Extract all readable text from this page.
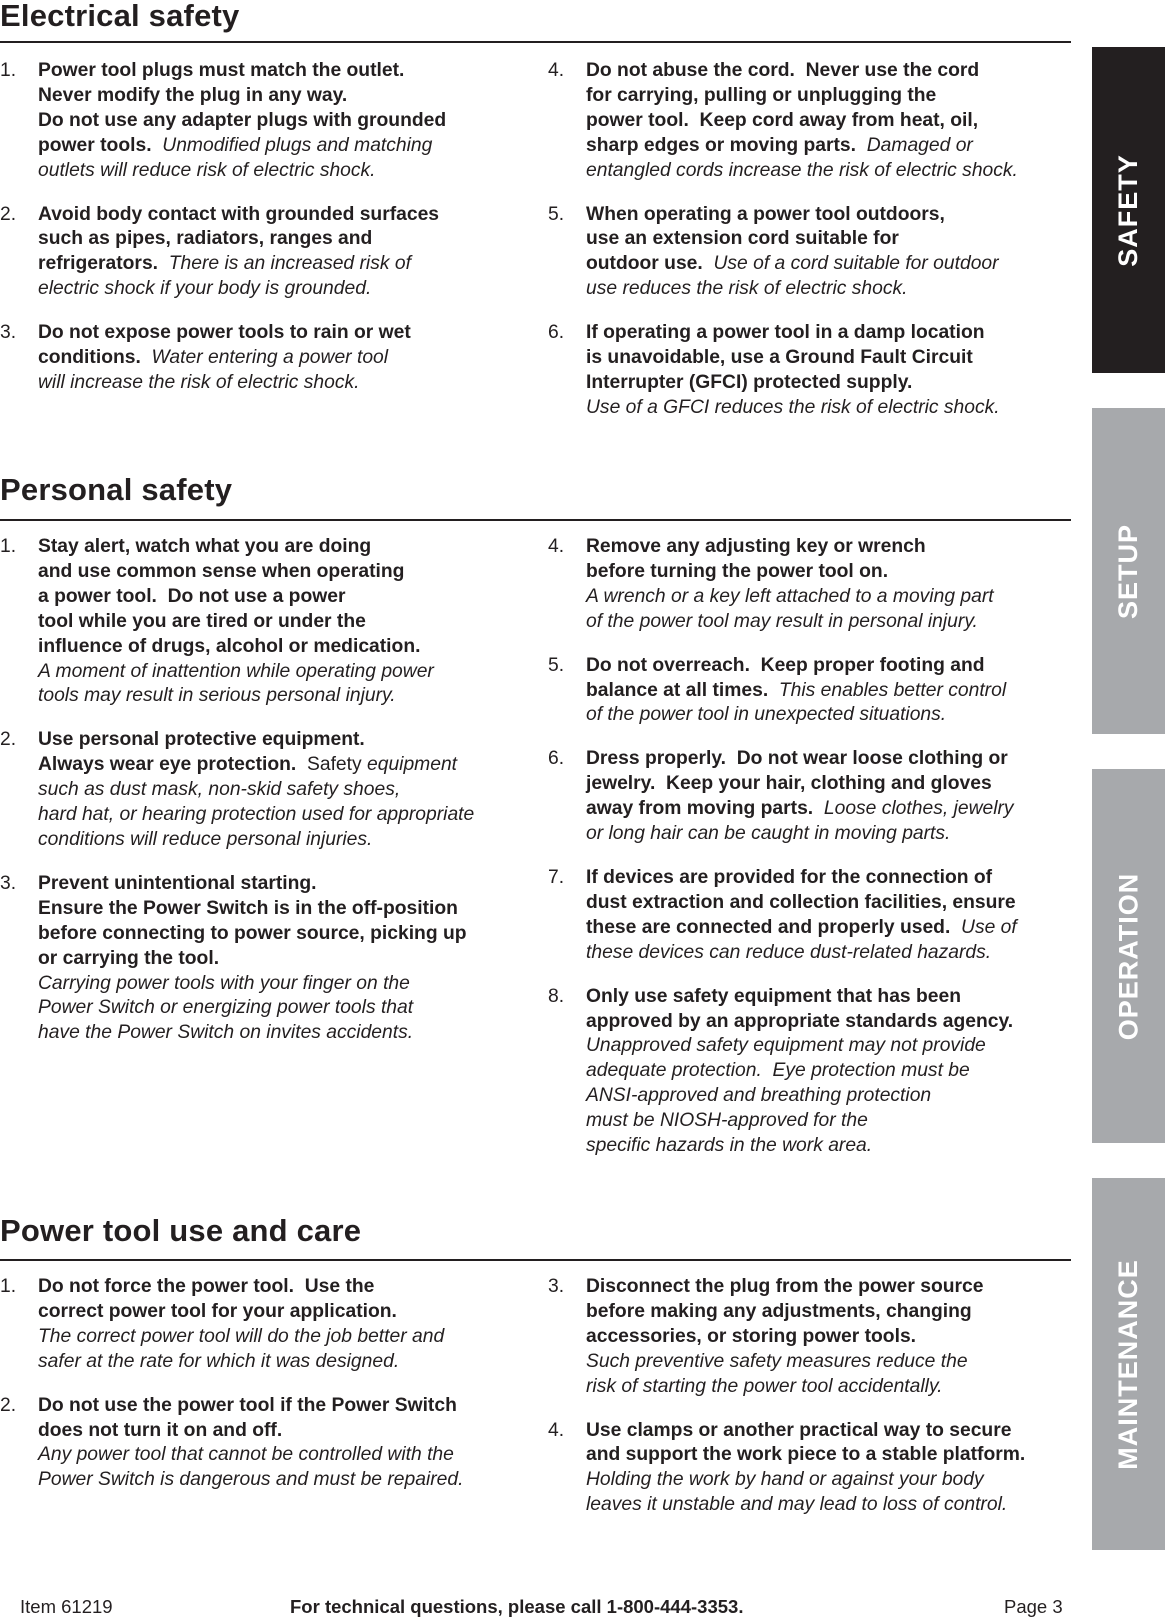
Electrical safety
1. Power tool plugs must match the outlet.
Never modify the plug in any way.
Do not use any adapter plugs with grounded
power tools.  Unmodified plugs and matching
outlets will reduce risk of electric shock.
2. Avoid body contact with grounded surfaces
such as pipes, radiators, ranges and
refrigerators.  There is an increased risk of
electric shock if your body is grounded.
3. Do not expose power tools to rain or wet
conditions.  Water entering a power tool
will increase the risk of electric shock.
4. Do not abuse the cord.  Never use the cord
for carrying, pulling or unplugging the
power tool.  Keep cord away from heat, oil,
sharp edges or moving parts.  Damaged or
entangled cords increase the risk of electric shock.
5. When operating a power tool outdoors,
use an extension cord suitable for
outdoor use.  Use of a cord suitable for outdoor
use reduces the risk of electric shock.
6. If operating a power tool in a damp location
is unavoidable, use a Ground Fault Circuit
Interrupter (GFCI) protected supply.
Use of a GFCI reduces the risk of electric shock.
Personal safety
1. Stay alert, watch what you are doing
and use common sense when operating
a power tool.  Do not use a power
tool while you are tired or under the
influence of drugs, alcohol or medication.
A moment of inattention while operating power
tools may result in serious personal injury.
2. Use personal protective equipment.
Always wear eye protection.  Safety equipment
such as dust mask, non-skid safety shoes,
hard hat, or hearing protection used for appropriate
conditions will reduce personal injuries.
3. Prevent unintentional starting.
Ensure the Power Switch is in the off-position
before connecting to power source, picking up
or carrying the tool.
Carrying power tools with your finger on the
Power Switch or energizing power tools that
have the Power Switch on invites accidents.
4. Remove any adjusting key or wrench
before turning the power tool on.
A wrench or a key left attached to a moving part
of the power tool may result in personal injury.
5. Do not overreach.  Keep proper footing and
balance at all times.  This enables better control
of the power tool in unexpected situations.
6. Dress properly.  Do not wear loose clothing or
jewelry.  Keep your hair, clothing and gloves
away from moving parts.  Loose clothes, jewelry
or long hair can be caught in moving parts.
7. If devices are provided for the connection of
dust extraction and collection facilities, ensure
these are connected and properly used.  Use of
these devices can reduce dust-related hazards.
8. Only use safety equipment that has been
approved by an appropriate standards agency.
Unapproved safety equipment may not provide
adequate protection.  Eye protection must be
ANSI-approved and breathing protection
must be NIOSH-approved for the
specific hazards in the work area.
Power tool use and care
1. Do not force the power tool.  Use the
correct power tool for your application.
The correct power tool will do the job better and
safer at the rate for which it was designed.
2. Do not use the power tool if the Power Switch
does not turn it on and off.
Any power tool that cannot be controlled with the
Power Switch is dangerous and must be repaired.
3. Disconnect the plug from the power source
before making any adjustments, changing
accessories, or storing power tools.
Such preventive safety measures reduce the
risk of starting the power tool accidentally.
4. Use clamps or another practical way to secure
and support the work piece to a stable platform.
Holding the work by hand or against your body
leaves it unstable and may lead to loss of control.
SAFETY
SETUP
OPERATION
MAINTENANCE
Item 61219	For technical questions, please call 1-800-444-3353.	Page 3
